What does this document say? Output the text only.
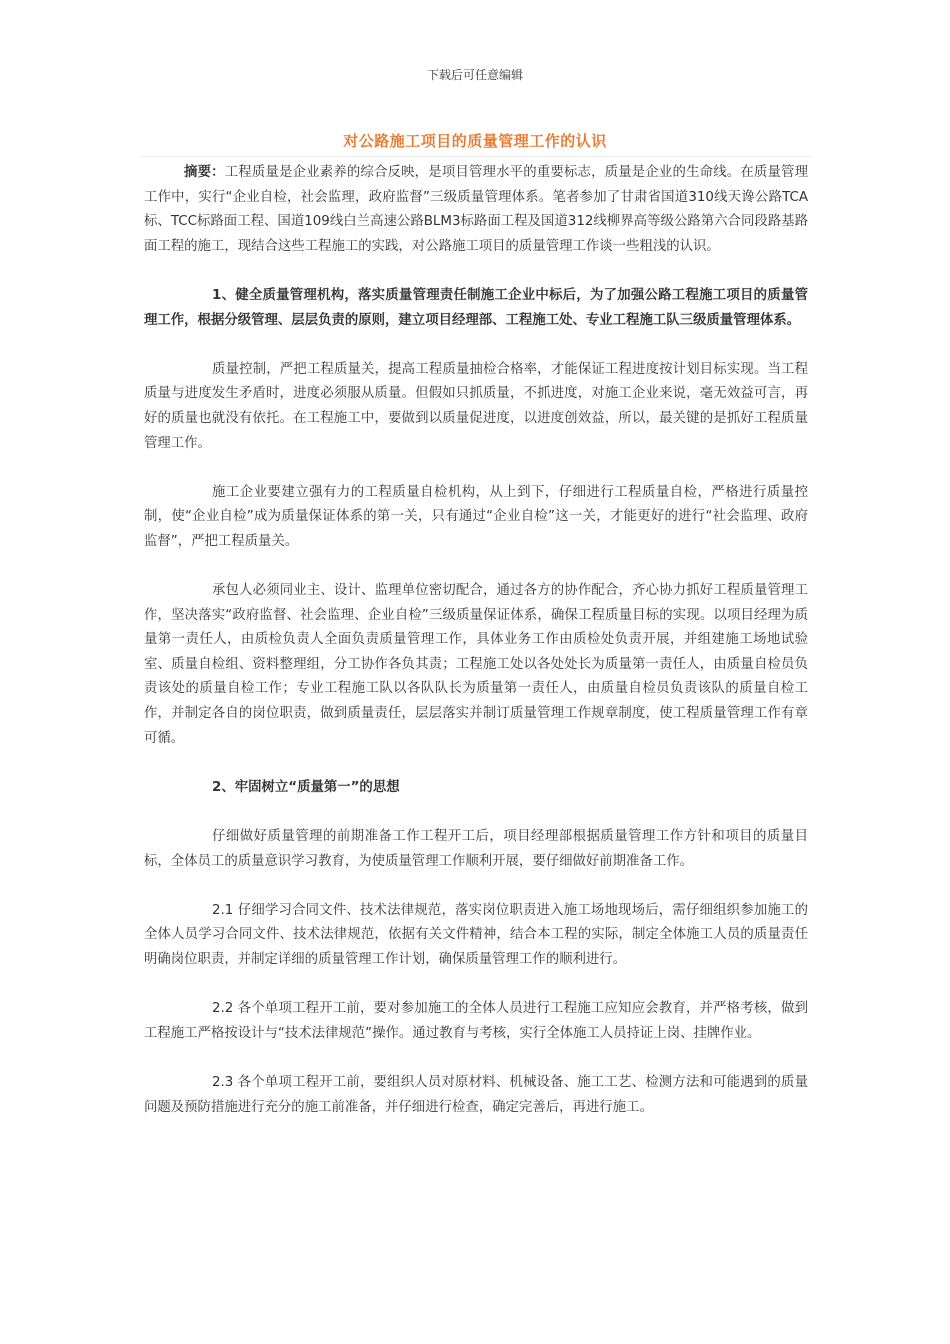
下载后可任意编辑
对公路施工项目的质量管理工作的认识

摘要：工程质量是企业素养的综合反映，是项目管理水平的重要标志，质量是企业的生命线。在质量管理工作中，实行“企业自检，社会监理，政府监督”三级质量管理体系。笔者参加了甘肃省国道310线天谗公路TCA标、TCC标路面工程、国道109线白兰高速公路BLM3标路面工程及国道312线柳界高等级公路第六合同段路基路面工程的施工，现结合这些工程施工的实践，对公路施工项目的质量管理工作谈一些粗浅的认识。

1、健全质量管理机构，落实质量管理责任制施工企业中标后，为了加强公路工程施工项目的质量管理工作，根据分级管理、层层负责的原则，建立项目经理部、工程施工处、专业工程施工队三级质量管理体系。

质量控制，严把工程质量关，提高工程质量抽检合格率，才能保证工程进度按计划目标实现。当工程质量与进度发生矛盾时，进度必须服从质量。但假如只抓质量，不抓进度，对施工企业来说，毫无效益可言，再好的质量也就没有依托。在工程施工中，要做到以质量促进度，以进度创效益，所以，最关键的是抓好工程质量管理工作。

施工企业要建立强有力的工程质量自检机构，从上到下，仔细进行工程质量自检，严格进行质量控制，使“企业自检”成为质量保证体系的第一关，只有通过“企业自检”这一关，才能更好的进行“社会监理、政府监督”，严把工程质量关。

承包人必须同业主、设计、监理单位密切配合，通过各方的协作配合，齐心协力抓好工程质量管理工作，坚决落实“政府监督、社会监理、企业自检”三级质量保证体系，确保工程质量目标的实现。以项目经理为质量第一责任人，由质检负责人全面负责质量管理工作，具体业务工作由质检处负责开展，并组建施工场地试验室、质量自检组、资料整理组，分工协作各负其责；工程施工处以各处处长为质量第一责任人，由质量自检员负责该处的质量自检工作；专业工程施工队以各队队长为质量第一责任人，由质量自检员负责该队的质量自检工作，并制定各自的岗位职责，做到质量责任，层层落实并制订质量管理工作规章制度，使工程质量管理工作有章可循。

2、牢固树立“质量第一”的思想

仔细做好质量管理的前期准备工作工程开工后，项目经理部根据质量管理工作方针和项目的质量目标，全体员工的质量意识学习教育，为使质量管理工作顺利开展，要仔细做好前期准备工作。

2.1 仔细学习合同文件、技术法律规范，落实岗位职责进入施工场地现场后，需仔细组织参加施工的全体人员学习合同文件、技术法律规范，依据有关文件精神，结合本工程的实际，制定全体施工人员的质量责任明确岗位职责，并制定详细的质量管理工作计划，确保质量管理工作的顺利进行。

2.2 各个单项工程开工前，要对参加施工的全体人员进行工程施工应知应会教育，并严格考核，做到工程施工严格按设计与“技术法律规范”操作。通过教育与考核，实行全体施工人员持证上岗、挂牌作业。

2.3 各个单项工程开工前，要组织人员对原材料、机械设备、施工工艺、检测方法和可能遇到的质量问题及预防措施进行充分的施工前准备，并仔细进行检查，确定完善后，再进行施工。
